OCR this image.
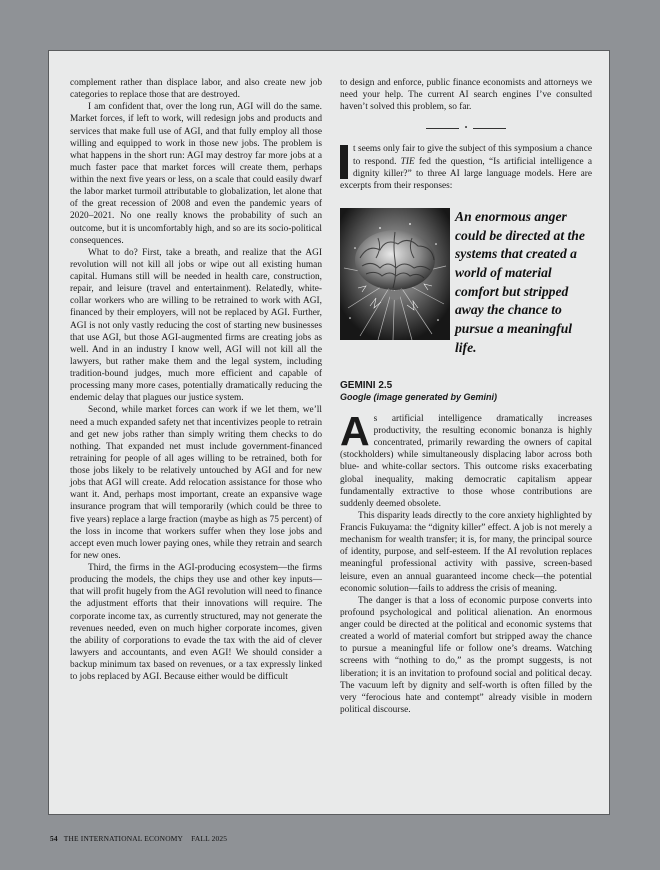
complement rather than displace labor, and also create new job categories to replace those that are destroyed.

I am confident that, over the long run, AGI will do the same. Market forces, if left to work, will redesign jobs and products and services that make full use of AGI, and that fully employ all those willing and equipped to work in those new jobs. The problem is what happens in the short run: AGI may destroy far more jobs at a much faster pace that market forces will create them, perhaps within the next five years or less, on a scale that could easily dwarf the labor market turmoil attributable to globalization, let alone that of the great recession of 2008 and even the pandemic years of 2020–2021. No one really knows the probability of such an outcome, but it is uncomfortably high, and so are its socio-political consequences.

What to do? First, take a breath, and realize that the AGI revolution will not kill all jobs or wipe out all existing human capital. Humans still will be needed in health care, construction, repair, and leisure (travel and entertainment). Relatedly, white-collar workers who are willing to be retrained to work with AGI, financed by their employers, will not be replaced by AGI. Further, AGI is not only vastly reducing the cost of starting new businesses that use AGI, but those AGI-augmented firms are creating jobs as well. And in an industry I know well, AGI will not kill all the lawyers, but rather make them and the legal system, including tradition-bound judges, much more efficient and capable of processing many more cases, potentially dramatically reducing the endemic delay that plagues our justice system.

Second, while market forces can work if we let them, we’ll need a much expanded safety net that incentivizes people to retrain and get new jobs rather than simply writing them checks to do nothing. That expanded net must include government-financed retraining for people of all ages willing to be retrained, both for those jobs likely to be relatively untouched by AGI and for new jobs that AGI will create. Add relocation assistance for those who want it. And, perhaps most important, create an expansive wage insurance program that will temporarily (which could be three to five years) replace a large fraction (maybe as high as 75 percent) of the loss in income that workers suffer when they lose jobs and accept even much lower paying ones, while they retrain and search for new ones.

Third, the firms in the AGI-producing ecosystem—the firms producing the models, the chips they use and other key inputs—that will profit hugely from the AGI revolution will need to finance the adjustment efforts that their innovations will require. The corporate income tax, as currently structured, may not generate the revenues needed, even on much higher corporate incomes, given the ability of corporations to evade the tax with the aid of clever lawyers and accountants, and even AGI! We should consider a backup minimum tax based on revenues, or a tax expressly linked to jobs replaced by AGI. Because either would be difficult

to design and enforce, public finance economists and attorneys we need your help. The current AI search engines I’ve consulted haven’t solved this problem, so far.

•

t seems only fair to give the subject of this symposium a chance to respond. TIE fed the question, “Is artificial intelligence a dignity killer?” to three AI large language models. Here are excerpts from their responses:

An enormous anger could be directed at the systems that created a world of material comfort but stripped away the chance to pursue a meaningful life.
GEMINI 2.5
Google (image generated by Gemini)

As artificial intelligence dramatically increases productivity, the resulting economic bonanza is highly concentrated, primarily rewarding the owners of capital (stockholders) while simultaneously displacing labor across both blue- and white-collar sectors. This outcome risks exacerbating global inequality, making democratic capitalism appear fundamentally extractive to those whose contributions are suddenly deemed obsolete.

This disparity leads directly to the core anxiety highlighted by Francis Fukuyama: the “dignity killer” effect. A job is not merely a mechanism for wealth transfer; it is, for many, the principal source of identity, purpose, and self-esteem. If the AI revolution replaces meaningful professional activity with passive, screen-based leisure, even an annual guaranteed income check—the potential economic solution—fails to address the crisis of meaning.

The danger is that a loss of economic purpose converts into profound psychological and political alienation. An enormous anger could be directed at the political and economic systems that created a world of material comfort but stripped away the chance to pursue a meaningful life or follow one’s dreams. Watching screens with “nothing to do,” as the prompt suggests, is not liberation; it is an invitation to profound social and political decay. The vacuum left by dignity and self-worth is often filled by the very “ferocious hate and contempt” already visible in modern political discourse.

54 THE INTERNATIONAL ECONOMY FALL 2025
